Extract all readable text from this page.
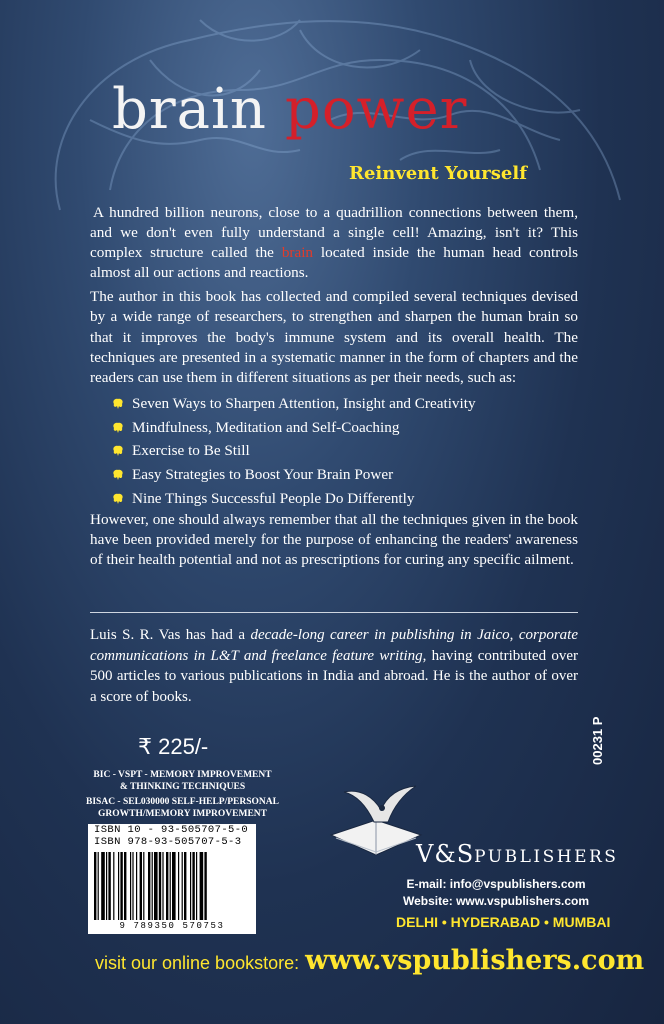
brain power
Reinvent Yourself

A hundred billion neurons, close to a quadrillion connections between them, and we don't even fully understand a single cell! Amazing, isn't it? This complex structure called the brain located inside the human head controls almost all our actions and reactions.

The author in this book has collected and compiled several techniques devised by a wide range of researchers, to strengthen and sharpen the human brain so that it improves the body's immune system and its overall health. The techniques are presented in a systematic manner in the form of chapters and the readers can use them in different situations as per their needs, such as:

Seven Ways to Sharpen Attention, Insight and Creativity
Mindfulness, Meditation and Self-Coaching
Exercise to Be Still
Easy Strategies to Boost Your Brain Power
Nine Things Successful People Do Differently

However, one should always remember that all the techniques given in the book have been provided merely for the purpose of enhancing the readers' awareness of their health potential and not as prescriptions for curing any specific ailment.

Luis S. R. Vas has had a decade-long career in publishing in Jaico, corporate communications in L&T and freelance feature writing, having contributed over 500 articles to various publications in India and abroad. He is the author of over a score of books.
₹ 225/-

BIC - VSPT - MEMORY IMPROVEMENT

& THINKING TECHNIQUES

BISAC - SEL030000 SELF-HELP/PERSONAL

GROWTH/MEMORY IMPROVEMENT

ISBN 10 - 93-505707-5-0
ISBN 978-93-505707-5-3
9 789350 570753
00231 P
V&SPUBLISHERS
E-mail: info@vspublishers.com
Website: www.vspublishers.com
DELHI • HYDERABAD • MUMBAI
visit our online bookstore: www.vspublishers.com
